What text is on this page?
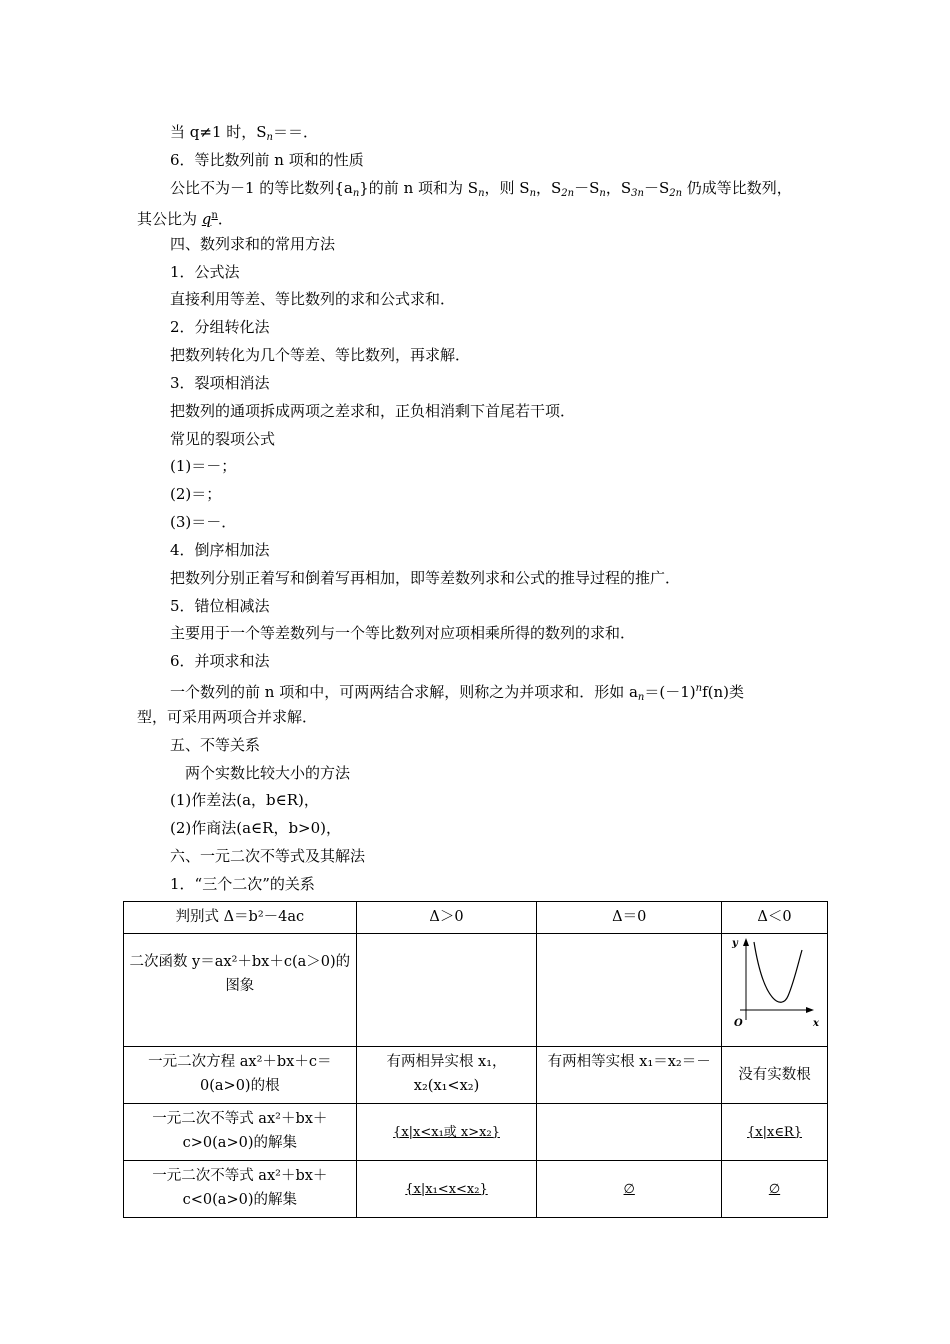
当 q≠1 时，$S_n==$．
6．等比数列前 n 项和的性质
公比不为－1 的等比数列$\{a_n\}$的前 n 项和为 $S_n$，则 $S_n$，$S_{2n}-S_n$，$S_{3n}-S_{2n}$ 仍成等比数列，
其公比为 $q^n$．
四、数列求和的常用方法
1．公式法
直接利用等差、等比数列的求和公式求和．
2．分组转化法
把数列转化为几个等差、等比数列，再求解．
3．裂项相消法
把数列的通项拆成两项之差求和，正负相消剩下首尾若干项．
常见的裂项公式
(1)＝－；
(2)＝；
(3)＝－．
4．倒序相加法
把数列分别正着写和倒着写再相加，即等差数列求和公式的推导过程的推广．
5．错位相减法
主要用于一个等差数列与一个等比数列对应项相乘所得的数列的求和．
6．并项求和法
一个数列的前 n 项和中，可两两结合求解，则称之为并项求和．形如 $a_n=(-1)^nf(n)$类
型，可采用两项合并求解．
五、不等关系
两个实数比较大小的方法
(1)作差法(a，b∈R)，
(2)作商法(a∈R，b>0)，
六、一元二次不等式及其解法
1．“三个二次”的关系
判别式 Δ＝b²－4ac	Δ＞0	Δ＝0	Δ＜0
二次函数 y＝ax²＋bx＋c(a＞0)的图象			y
x
O

一元二次方程 ax²＋bx＋c＝0(a>0)的根	有两相异实根 x₁，x₂(x₁<x₂)	有两相等实根 x₁＝x₂＝－	没有实数根
一元二次不等式 ax²＋bx＋c>0(a>0)的解集	{x|x<x₁或 x>x₂}		{x|x∈R}
一元二次不等式 ax²＋bx＋c<0(a>0)的解集	{x|x₁<x<x₂}	∅	∅
